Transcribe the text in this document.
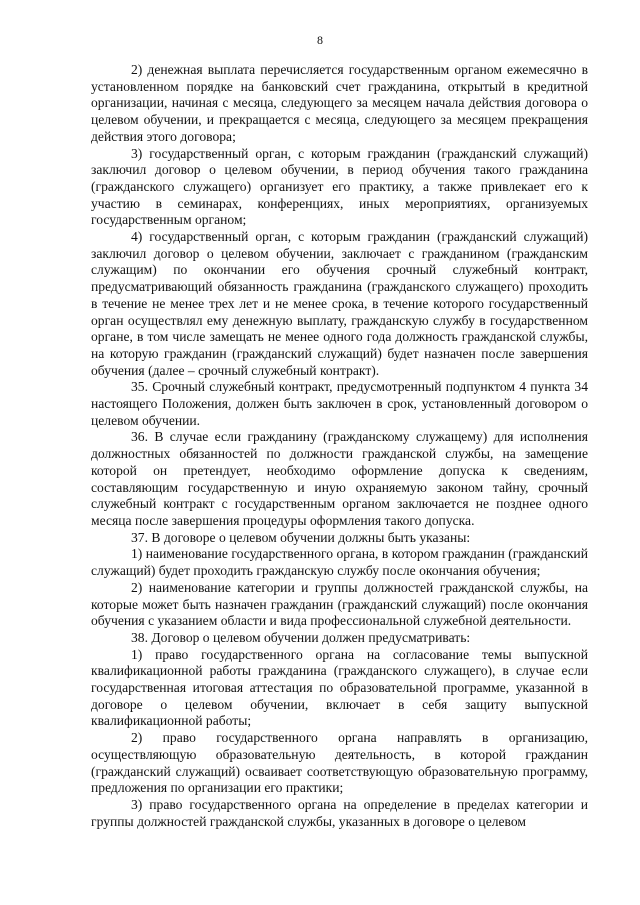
8

2) денежная выплата перечисляется государственным органом ежемесячно в установленном порядке на банковский счет гражданина, открытый в кредитной организации, начиная с месяца, следующего за месяцем начала действия договора о целевом обучении, и прекращается с месяца, следующего за месяцем прекращения действия этого договора;

3) государственный орган, с которым гражданин (гражданский служащий) заключил договор о целевом обучении, в период обучения такого гражданина (гражданского служащего) организует его практику, а также привлекает его к участию в семинарах, конференциях, иных мероприятиях, организуемых государственным органом;

4) государственный орган, с которым гражданин (гражданский служащий) заключил договор о целевом обучении, заключает с гражданином (гражданским служащим) по окончании его обучения срочный служебный контракт, предусматривающий обязанность гражданина (гражданского служащего) проходить в течение не менее трех лет и не менее срока, в течение которого государственный орган осуществлял ему денежную выплату, гражданскую службу в государственном органе, в том числе замещать не менее одного года должность гражданской службы, на которую гражданин (гражданский служащий) будет назначен после завершения обучения (далее – срочный служебный контракт).

35. Срочный служебный контракт, предусмотренный подпунктом 4 пункта 34 настоящего Положения, должен быть заключен в срок, установленный договором о целевом обучении.

36. В случае если гражданину (гражданскому служащему) для исполнения должностных обязанностей по должности гражданской службы, на замещение которой он претендует, необходимо оформление допуска к сведениям, составляющим государственную и иную охраняемую законом тайну, срочный служебный контракт с государственным органом заключается не позднее одного месяца после завершения процедуры оформления такого допуска.

37. В договоре о целевом обучении должны быть указаны:

1) наименование государственного органа, в котором гражданин (гражданский служащий) будет проходить гражданскую службу после окончания обучения;

2) наименование категории и группы должностей гражданской службы, на которые может быть назначен гражданин (гражданский служащий) после окончания обучения с указанием области и вида профессиональной служебной деятельности.

38. Договор о целевом обучении должен предусматривать:

1) право государственного органа на согласование темы выпускной квалификационной работы гражданина (гражданского служащего), в случае если государственная итоговая аттестация по образовательной программе, указанной в договоре о целевом обучении, включает в себя защиту выпускной квалификационной работы;

2) право государственного органа направлять в организацию, осуществляющую образовательную деятельность, в которой гражданин (гражданский служащий) осваивает соответствующую образовательную программу, предложения по организации его практики;

3) право государственного органа на определение в пределах категории и группы должностей гражданской службы, указанных в договоре о целевом
